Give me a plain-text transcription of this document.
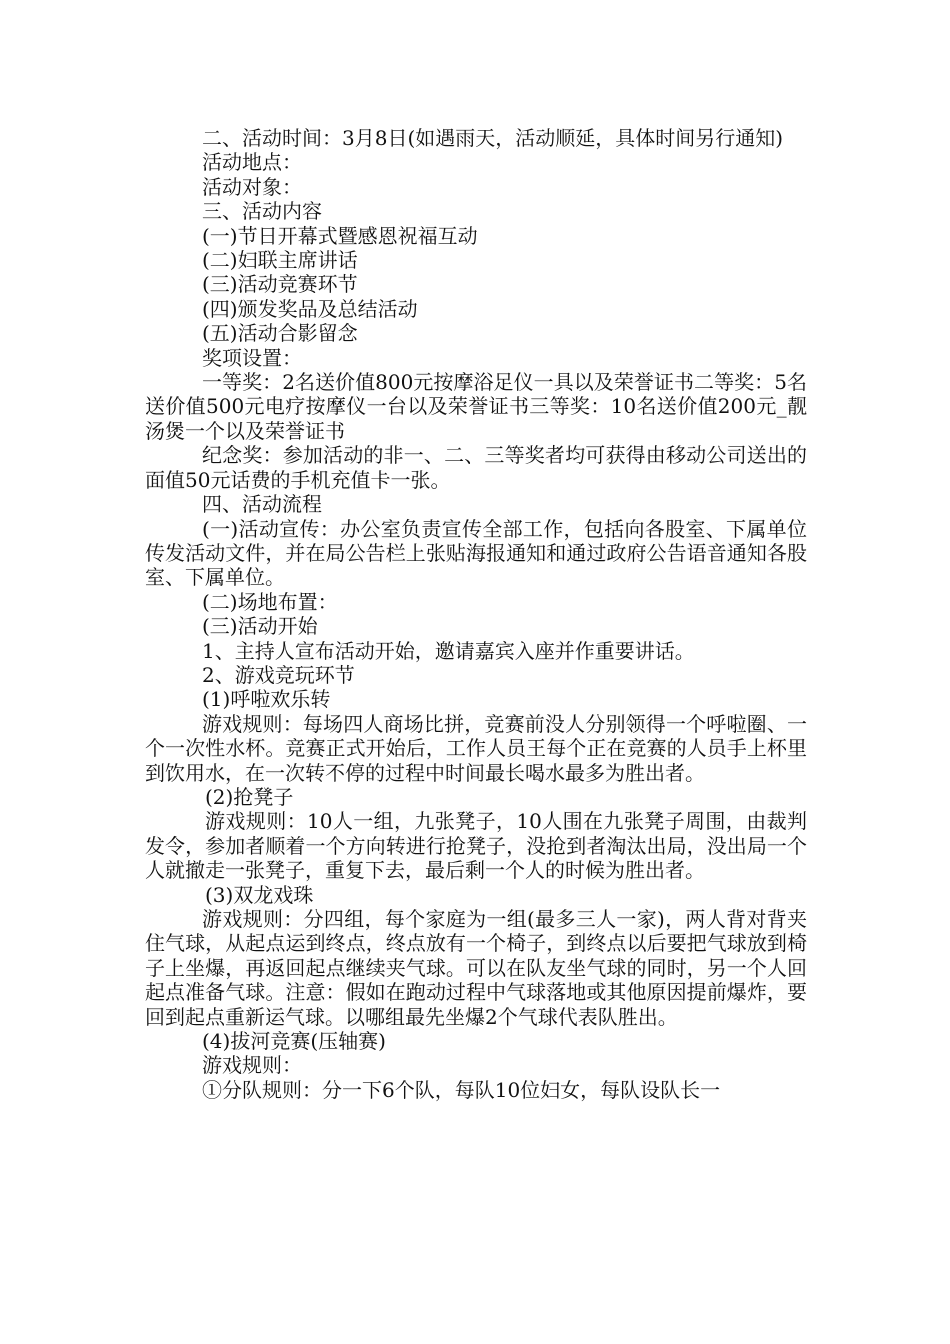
二、活动时间：3月8日(如遇雨天，活动顺延，具体时间另行通知)

活动地点：

活动对象：

三、活动内容

(一)节日开幕式暨感恩祝福互动

(二)妇联主席讲话

(三)活动竞赛环节

(四)颁发奖品及总结活动

(五)活动合影留念

奖项设置：

一等奖：2名送价值800元按摩浴足仪一具以及荣誉证书二等奖：5名送价值500元电疗按摩仪一台以及荣誉证书三等奖：10名送价值200元_靓汤煲一个以及荣誉证书

纪念奖：参加活动的非一、二、三等奖者均可获得由移动公司送出的面值50元话费的手机充值卡一张。

四、活动流程

(一)活动宣传：办公室负责宣传全部工作，包括向各股室、下属单位传发活动文件，并在局公告栏上张贴海报通知和通过政府公告语音通知各股室、下属单位。

(二)场地布置：

(三)活动开始

1、主持人宣布活动开始，邀请嘉宾入座并作重要讲话。

2、游戏竞玩环节

(1)呼啦欢乐转

游戏规则：每场四人商场比拼，竞赛前没人分别领得一个呼啦圈、一个一次性水杯。竞赛正式开始后，工作人员王每个正在竞赛的人员手上杯里到饮用水，在一次转不停的过程中时间最长喝水最多为胜出者。

(2)抢凳子

游戏规则：10人一组，九张凳子，10人围在九张凳子周围，由裁判发令，参加者顺着一个方向转进行抢凳子，没抢到者淘汰出局，没出局一个人就撤走一张凳子，重复下去，最后剩一个人的时候为胜出者。

(3)双龙戏珠

游戏规则：分四组，每个家庭为一组(最多三人一家)，两人背对背夹住气球，从起点运到终点，终点放有一个椅子，到终点以后要把气球放到椅子上坐爆，再返回起点继续夹气球。可以在队友坐气球的同时，另一个人回起点准备气球。注意：假如在跑动过程中气球落地或其他原因提前爆炸，要回到起点重新运气球。以哪组最先坐爆2个气球代表队胜出。

(4)拔河竞赛(压轴赛)

游戏规则：

①分队规则：分一下6个队，每队10位妇女，每队设队长一
